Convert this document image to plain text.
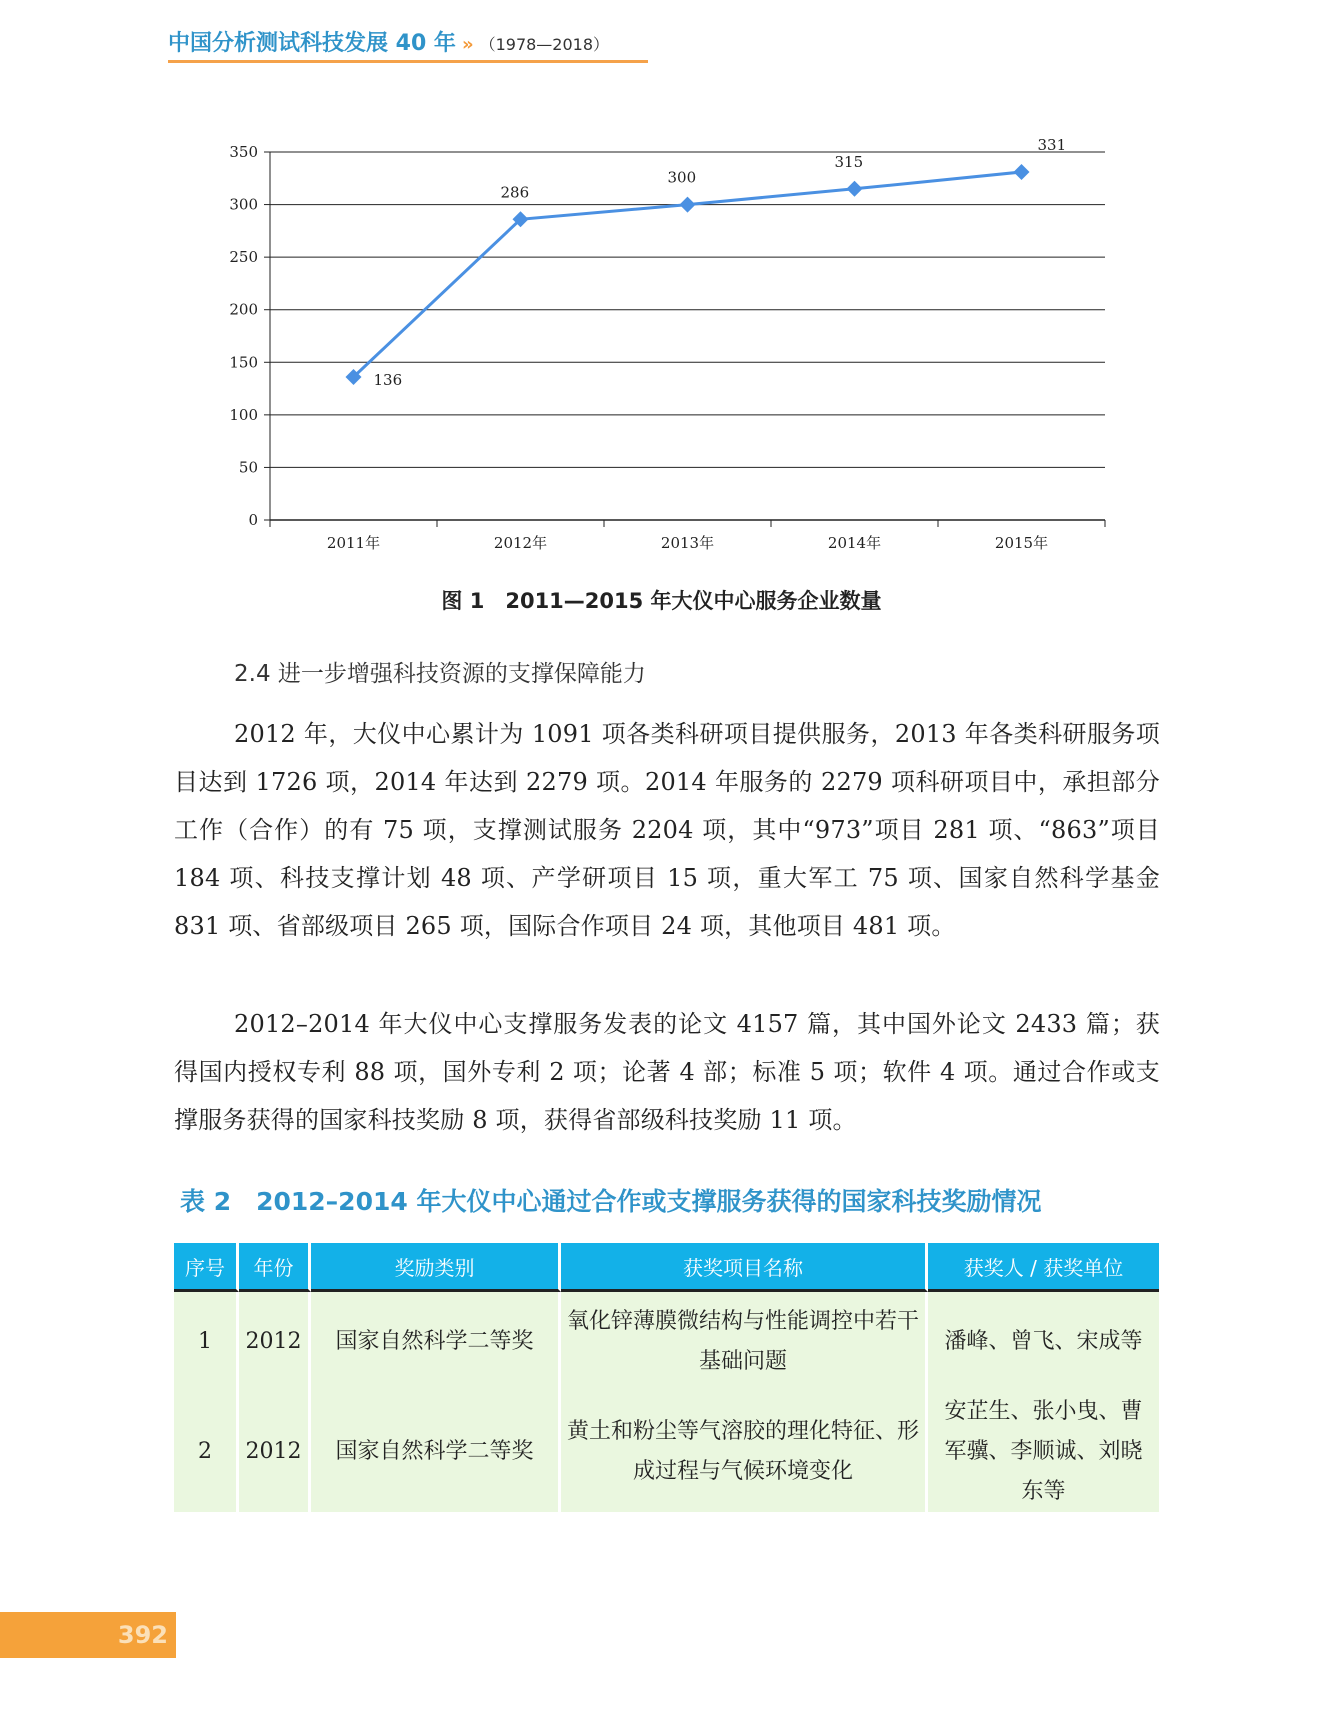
中国分析测试科技发展 40 年 » （1978—2018）
0
50
100
150
200
250
300
350
2011年	2012年	2013年	2014年	2015年
136
286
300
315
331
图 1　2011—2015 年大仪中心服务企业数量
2.4 进一步增强科技资源的支撑保障能力

2012 年，大仪中心累计为 1091 项各类科研项目提供服务，2013 年各类科研服务项目达到 1726 项，2014 年达到 2279 项。2014 年服务的 2279 项科研项目中，承担部分工作（合作）的有 75 项，支撑测试服务 2204 项，其中“973”项目 281 项、“863”项目 184 项、科技支撑计划 48 项、产学研项目 15 项，重大军工 75 项、国家自然科学基金 831 项、省部级项目 265 项，国际合作项目 24 项，其他项目 481 项。

2012–2014 年大仪中心支撑服务发表的论文 4157 篇，其中国外论文 2433 篇；获得国内授权专利 88 项，国外专利 2 项；论著 4 部；标准 5 项；软件 4 项。通过合作或支撑服务获得的国家科技奖励 8 项，获得省部级科技奖励 11 项。

表 2　2012–2014 年大仪中心通过合作或支撑服务获得的国家科技奖励情况
序号	年份	奖励类别	获奖项目名称	获奖人 / 获奖单位
1	2012	国家自然科学二等奖	氧化锌薄膜微结构与性能调控中若干基础问题	潘峰、曾飞、宋成等
2	2012	国家自然科学二等奖	黄土和粉尘等气溶胶的理化特征、形成过程与气候环境变化	安芷生、张小曳、曹军骥、李顺诚、刘晓东等
392
